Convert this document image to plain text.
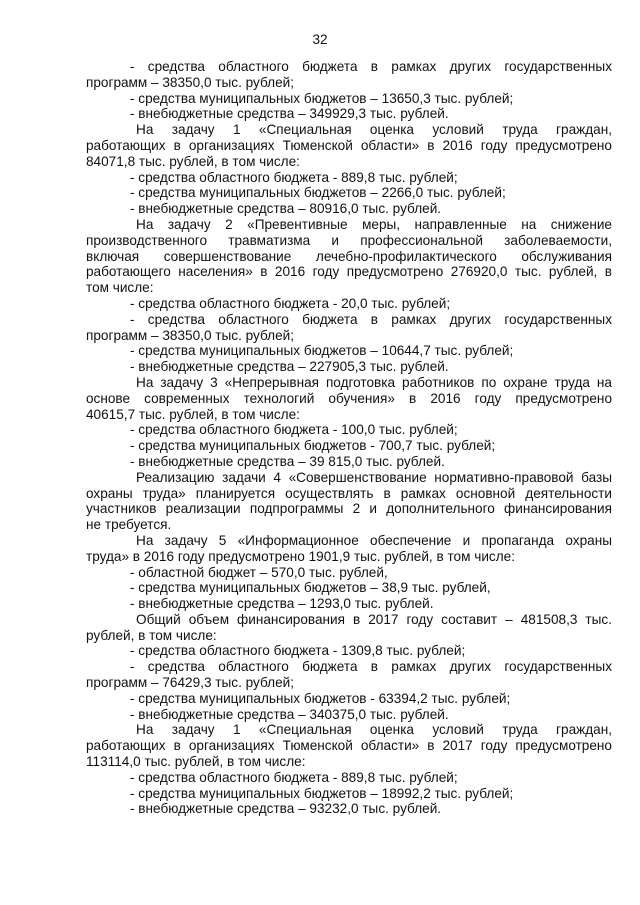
32
- средства областного бюджета в рамках других государственных
программ – 38350,0 тыс. рублей;
- средства муниципальных бюджетов – 13650,3 тыс. рублей;
- внебюджетные средства – 349929,3 тыс. рублей.
На задачу 1 «Специальная оценка условий труда граждан,
работающих в организациях Тюменской области» в 2016 году предусмотрено
84071,8 тыс. рублей, в том числе:
- средства областного бюджета - 889,8 тыс. рублей;
- средства муниципальных бюджетов – 2266,0 тыс. рублей;
- внебюджетные средства – 80916,0 тыс. рублей.
На задачу 2 «Превентивные меры, направленные на снижение
производственного травматизма и профессиональной заболеваемости,
включая совершенствование лечебно-профилактического обслуживания
работающего населения» в 2016 году предусмотрено 276920,0 тыс. рублей, в
том числе:
- средства областного бюджета - 20,0 тыс. рублей;
- средства областного бюджета в рамках других государственных
программ – 38350,0 тыс. рублей;
- средства муниципальных бюджетов – 10644,7 тыс. рублей;
- внебюджетные средства – 227905,3 тыс. рублей.
На задачу 3 «Непрерывная подготовка работников по охране труда на
основе современных технологий обучения» в 2016 году предусмотрено
40615,7 тыс. рублей, в том числе:
- средства областного бюджета - 100,0 тыс. рублей;
- средства муниципальных бюджетов - 700,7 тыс. рублей;
- внебюджетные средства – 39 815,0 тыс. рублей.
Реализацию задачи 4 «Совершенствование нормативно-правовой базы
охраны труда» планируется осуществлять в рамках основной деятельности
участников реализации подпрограммы 2 и дополнительного финансирования
не требуется.
На задачу 5 «Информационное обеспечение и пропаганда охраны
труда» в 2016 году предусмотрено 1901,9 тыс. рублей, в том числе:
- областной бюджет – 570,0 тыс. рублей,
- средства муниципальных бюджетов – 38,9 тыс. рублей,
- внебюджетные средства – 1293,0 тыс. рублей.
Общий объем финансирования в 2017 году составит – 481508,3 тыс.
рублей, в том числе:
- средства областного бюджета - 1309,8 тыс. рублей;
- средства областного бюджета в рамках других государственных
программ – 76429,3 тыс. рублей;
- средства муниципальных бюджетов - 63394,2 тыс. рублей;
- внебюджетные средства – 340375,0 тыс. рублей.
На задачу 1 «Специальная оценка условий труда граждан,
работающих в организациях Тюменской области» в 2017 году предусмотрено
113114,0 тыс. рублей, в том числе:
- средства областного бюджета - 889,8 тыс. рублей;
- средства муниципальных бюджетов – 18992,2 тыс. рублей;
- внебюджетные средства – 93232,0 тыс. рублей.
